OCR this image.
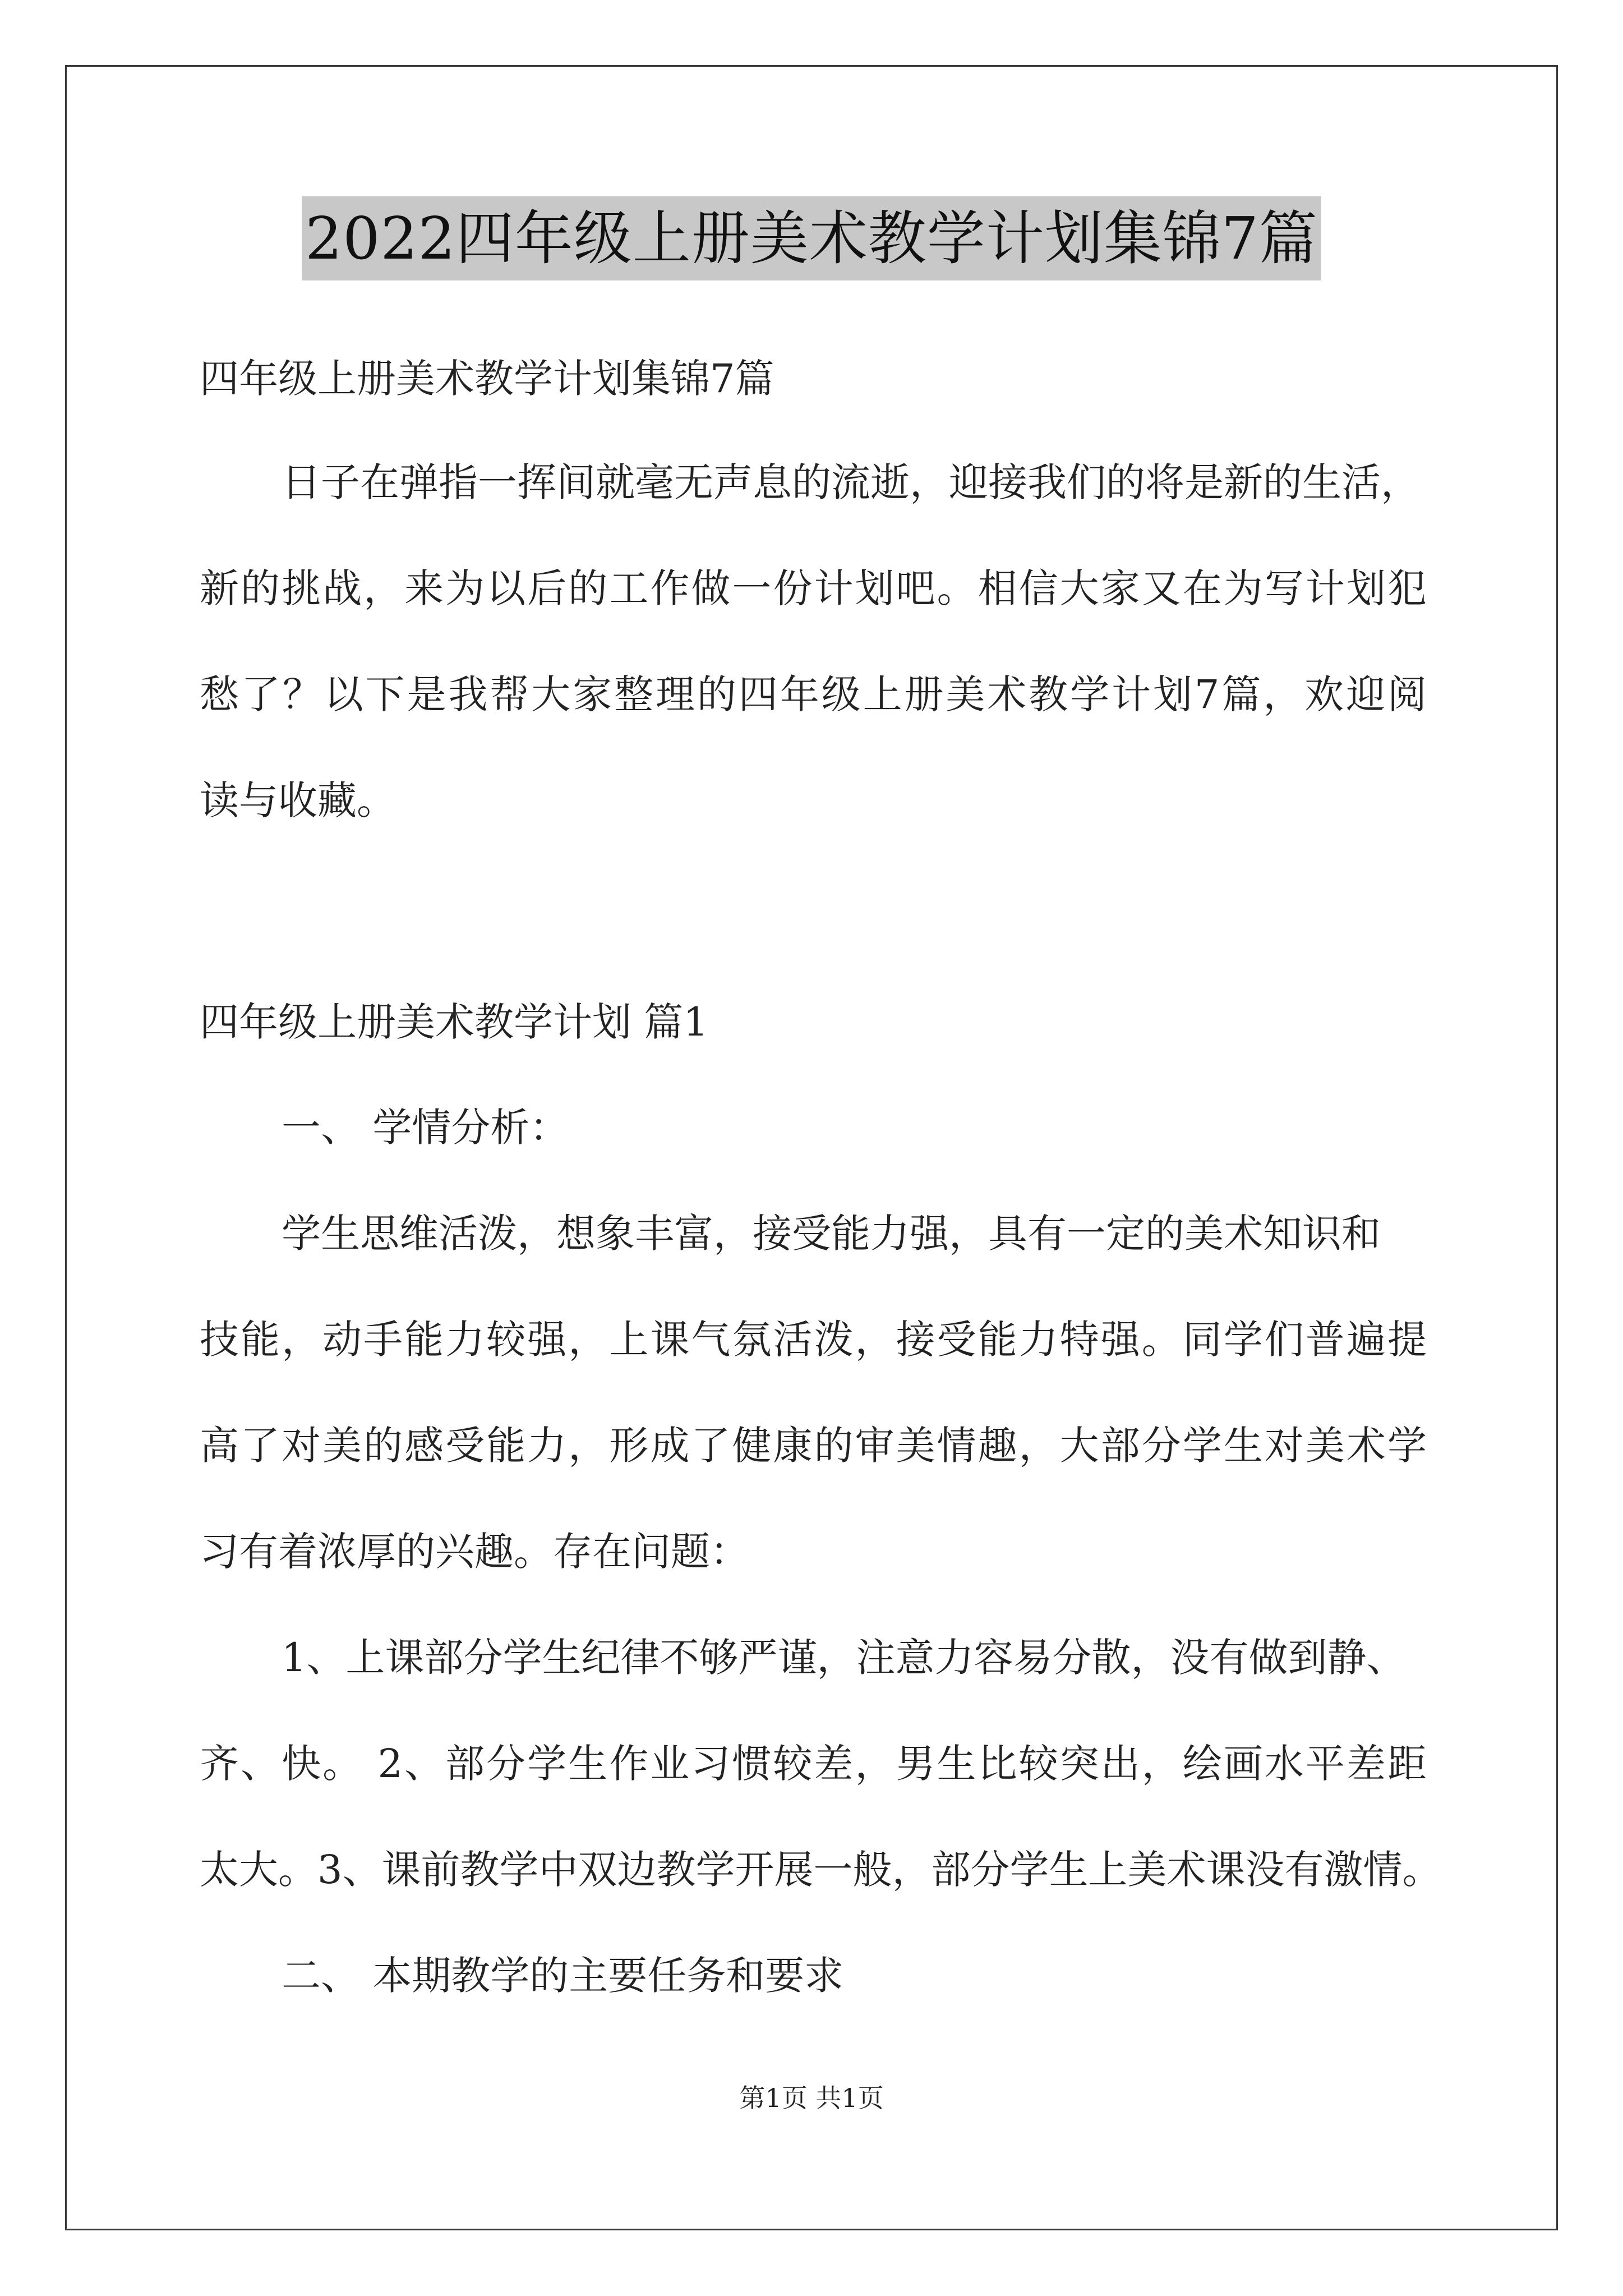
2022四年级上册美术教学计划集锦7篇
四年级上册美术教学计划集锦7篇
日子在弹指一挥间就毫无声息的流逝，迎接我们的将是新的生活，
新的挑战，来为以后的工作做一份计划吧。相信大家又在为写计划犯
愁了？以下是我帮大家整理的四年级上册美术教学计划7篇，欢迎阅
读与收藏。
四年级上册美术教学计划 篇1
一、 学情分析：
学生思维活泼，想象丰富，接受能力强，具有一定的美术知识和
技能，动手能力较强，上课气氛活泼，接受能力特强。同学们普遍提
高了对美的感受能力，形成了健康的审美情趣，大部分学生对美术学
习有着浓厚的兴趣。存在问题：
1、上课部分学生纪律不够严谨，注意力容易分散，没有做到静、
齐、快。 2、部分学生作业习惯较差，男生比较突出，绘画水平差距
太大。3、课前教学中双边教学开展一般，部分学生上美术课没有激情。
二、 本期教学的主要任务和要求
第1页 共1页
